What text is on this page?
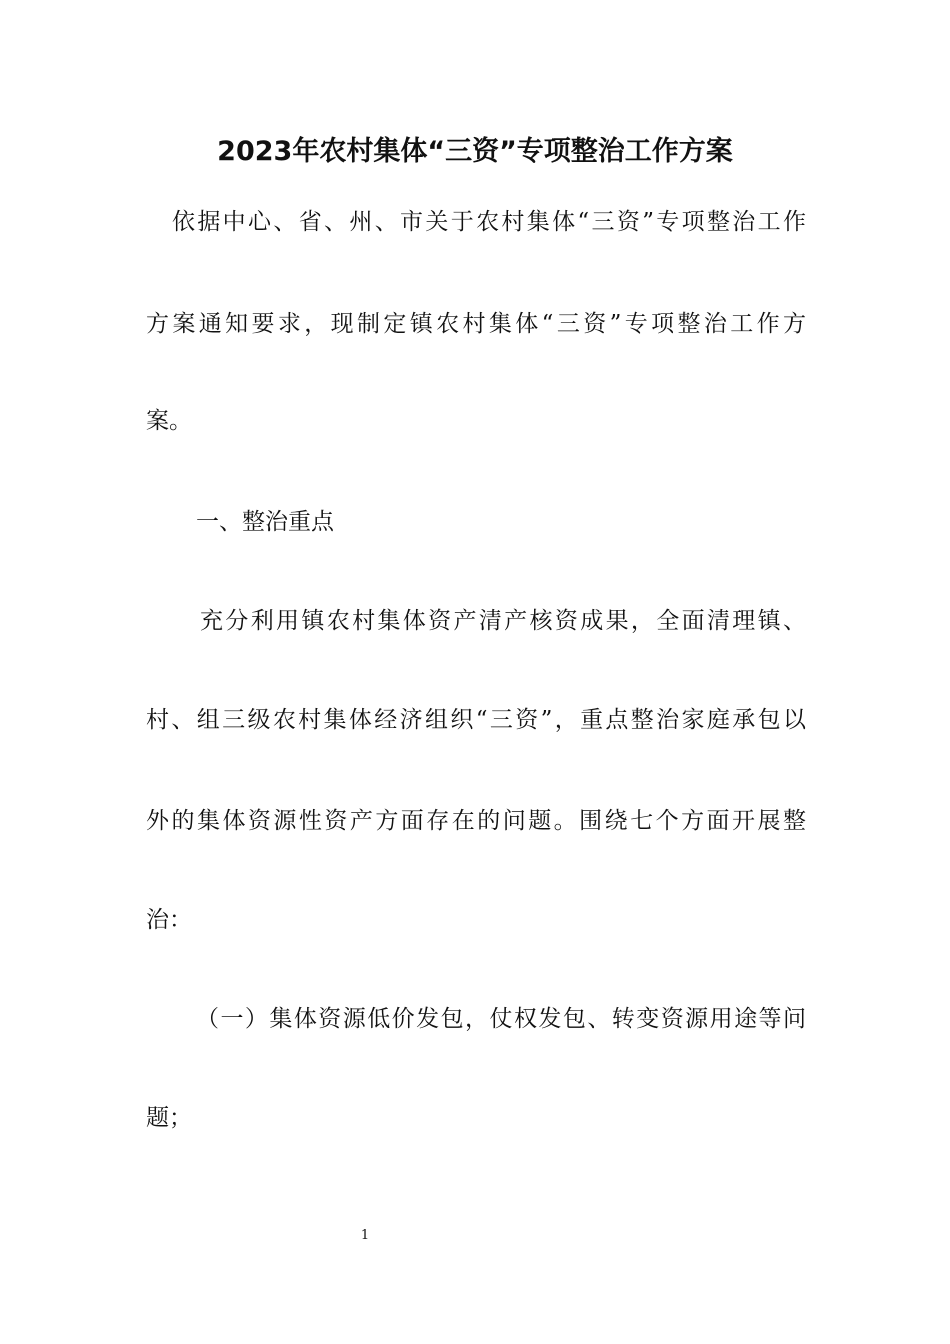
2023年农村集体“三资”专项整治工作方案
依据中心、省、州、市关于农村集体“三资”专项整治工作
方案通知要求，现制定镇农村集体“三资”专项整治工作方
案。
一、整治重点
充分利用镇农村集体资产清产核资成果，全面清理镇、
村、组三级农村集体经济组织“三资”，重点整治家庭承包以
外的集体资源性资产方面存在的问题。围绕七个方面开展整
治：
（一）集体资源低价发包，仗权发包、转变资源用途等问
题；
1
